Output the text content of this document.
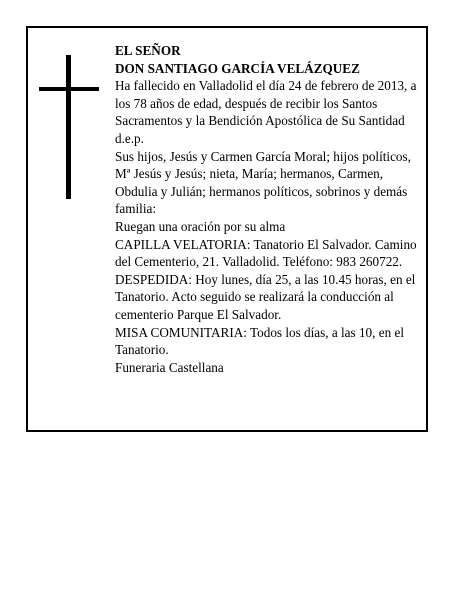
EL SEÑOR

DON SANTIAGO GARCÍA VELÁZQUEZ

Ha fallecido en Valladolid el día 24 de febrero de 2013, a los 78 años de edad, después de recibir los Santos Sacramentos y la Bendición Apostólica de Su Santidad d.e.p.

Sus hijos, Jesús y Carmen García Moral; hijos políticos, Mª Jesús y Jesús; nieta, María; hermanos, Carmen, Obdulia y Julián; hermanos políticos, sobrinos y demás familia:

Ruegan una oración por su alma

CAPILLA VELATORIA: Tanatorio El Salvador. Camino del Cementerio, 21. Valladolid. Teléfono: 983 260722.

DESPEDIDA: Hoy lunes, día 25, a las 10.45 horas, en el Tanatorio. Acto seguido se realizará la conducción al cementerio Parque El Salvador.

MISA COMUNITARIA: Todos los días, a las 10, en el Tanatorio.

Funeraria Castellana
